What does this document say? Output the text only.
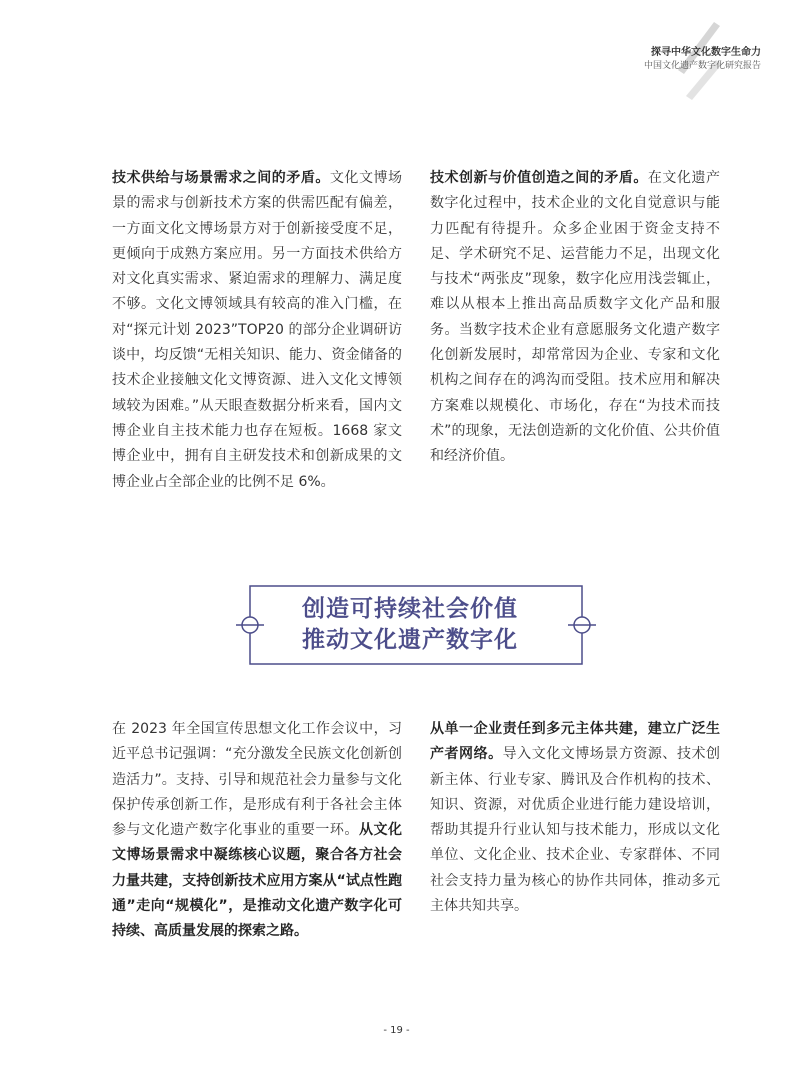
探寻中华文化数字生命力
中国文化遗产数字化研究报告
技术供给与场景需求之间的矛盾。文化文博场景的需求与创新技术方案的供需匹配有偏差，一方面文化文博场景方对于创新接受度不足，更倾向于成熟方案应用。另一方面技术供给方对文化真实需求、紧迫需求的理解力、满足度不够。文化文博领域具有较高的准入门槛，在对“探元计划 2023”TOP20 的部分企业调研访谈中，均反馈“无相关知识、能力、资金储备的技术企业接触文化文博资源、进入文化文博领域较为困难。”从天眼查数据分析来看，国内文博企业自主技术能力也存在短板。1668 家文博企业中，拥有自主研发技术和创新成果的文博企业占全部企业的比例不足 6%。
技术创新与价值创造之间的矛盾。在文化遗产数字化过程中，技术企业的文化自觉意识与能力匹配有待提升。众多企业困于资金支持不足、学术研究不足、运营能力不足，出现文化与技术“两张皮”现象，数字化应用浅尝辄止，难以从根本上推出高品质数字文化产品和服务。当数字技术企业有意愿服务文化遗产数字化创新发展时，却常常因为企业、专家和文化机构之间存在的鸿沟而受阻。技术应用和解决方案难以规模化、市场化，存在“为技术而技术”的现象，无法创造新的文化价值、公共价值和经济价值。
创造可持续社会价值
推动文化遗产数字化
在 2023 年全国宣传思想文化工作会议中，习近平总书记强调：“充分激发全民族文化创新创造活力”。支持、引导和规范社会力量参与文化保护传承创新工作，是形成有利于各社会主体参与文化遗产数字化事业的重要一环。从文化文博场景需求中凝练核心议题，聚合各方社会力量共建，支持创新技术应用方案从“试点性跑通”走向“规模化”，是推动文化遗产数字化可持续、高质量发展的探索之路。
从单一企业责任到多元主体共建，建立广泛生产者网络。导入文化文博场景方资源、技术创新主体、行业专家、腾讯及合作机构的技术、知识、资源，对优质企业进行能力建设培训，帮助其提升行业认知与技术能力，形成以文化单位、文化企业、技术企业、专家群体、不同社会支持力量为核心的协作共同体，推动多元主体共知共享。
- 19 -
